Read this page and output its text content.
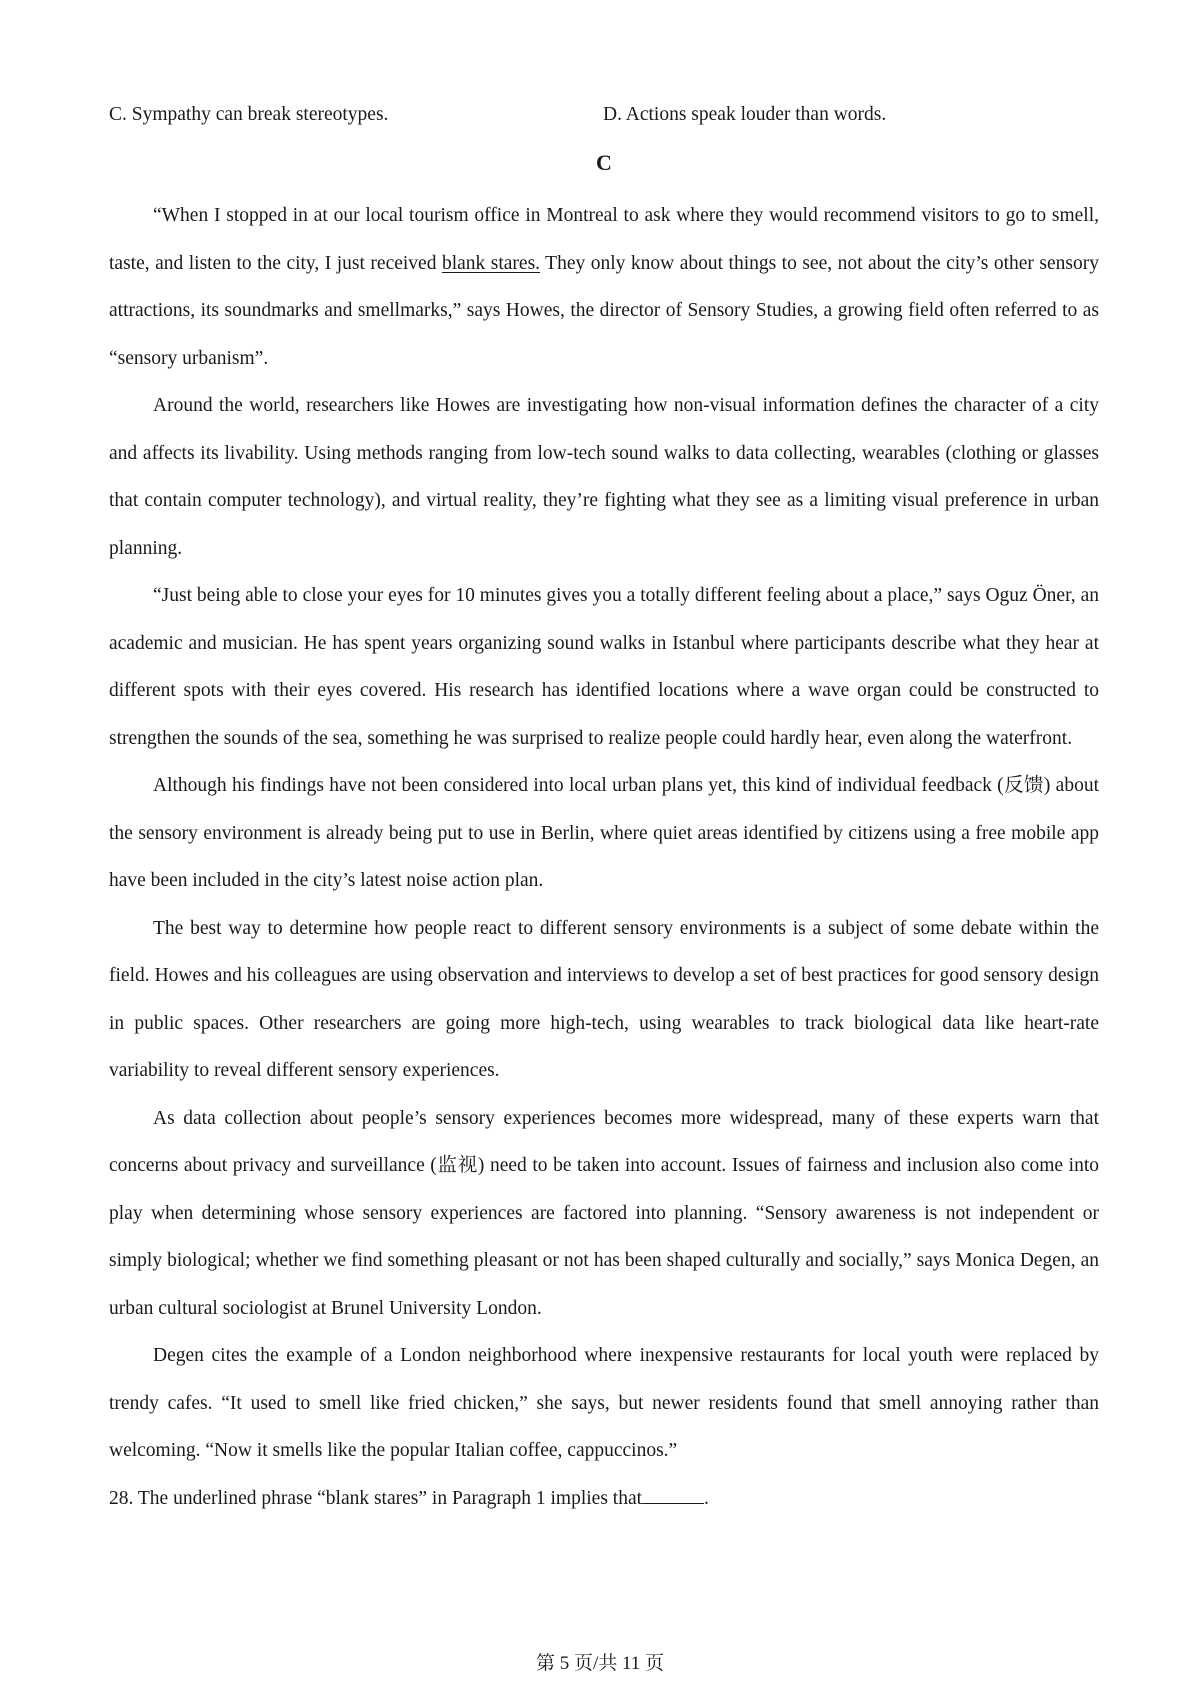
C. Sympathy can break stereotypes.	D. Actions speak louder than words.
C

“When I stopped in at our local tourism office in Montreal to ask where they would recommend visitors to go to smell, taste, and listen to the city, I just received blank stares. They only know about things to see, not about the city’s other sensory attractions, its soundmarks and smellmarks,” says Howes, the director of Sensory Studies, a growing field often referred to as “sensory urbanism”.

Around the world, researchers like Howes are investigating how non-visual information defines the character of a city and affects its livability. Using methods ranging from low-tech sound walks to data collecting, wearables (clothing or glasses that contain computer technology), and virtual reality, they’re fighting what they see as a limiting visual preference in urban planning.

“Just being able to close your eyes for 10 minutes gives you a totally different feeling about a place,” says Oguz Öner, an academic and musician. He has spent years organizing sound walks in Istanbul where participants describe what they hear at different spots with their eyes covered. His research has identified locations where a wave organ could be constructed to strengthen the sounds of the sea, something he was surprised to realize people could hardly hear, even along the waterfront.

Although his findings have not been considered into local urban plans yet, this kind of individual feedback (反馈) about the sensory environment is already being put to use in Berlin, where quiet areas identified by citizens using a free mobile app have been included in the city’s latest noise action plan.

The best way to determine how people react to different sensory environments is a subject of some debate within the field. Howes and his colleagues are using observation and interviews to develop a set of best practices for good sensory design in public spaces. Other researchers are going more high-tech, using wearables to track biological data like heart-rate variability to reveal different sensory experiences.

As data collection about people’s sensory experiences becomes more widespread, many of these experts warn that concerns about privacy and surveillance (监视) need to be taken into account. Issues of fairness and inclusion also come into play when determining whose sensory experiences are factored into planning. “Sensory awareness is not independent or simply biological; whether we find something pleasant or not has been shaped culturally and socially,” says Monica Degen, an urban cultural sociologist at Brunel University London.

Degen cites the example of a London neighborhood where inexpensive restaurants for local youth were replaced by trendy cafes. “It used to smell like fried chicken,” she says, but newer residents found that smell annoying rather than welcoming. “Now it smells like the popular Italian coffee, cappuccinos.”

28. The underlined phrase “blank stares” in Paragraph 1 implies that	.

第 5 页/共 11 页
